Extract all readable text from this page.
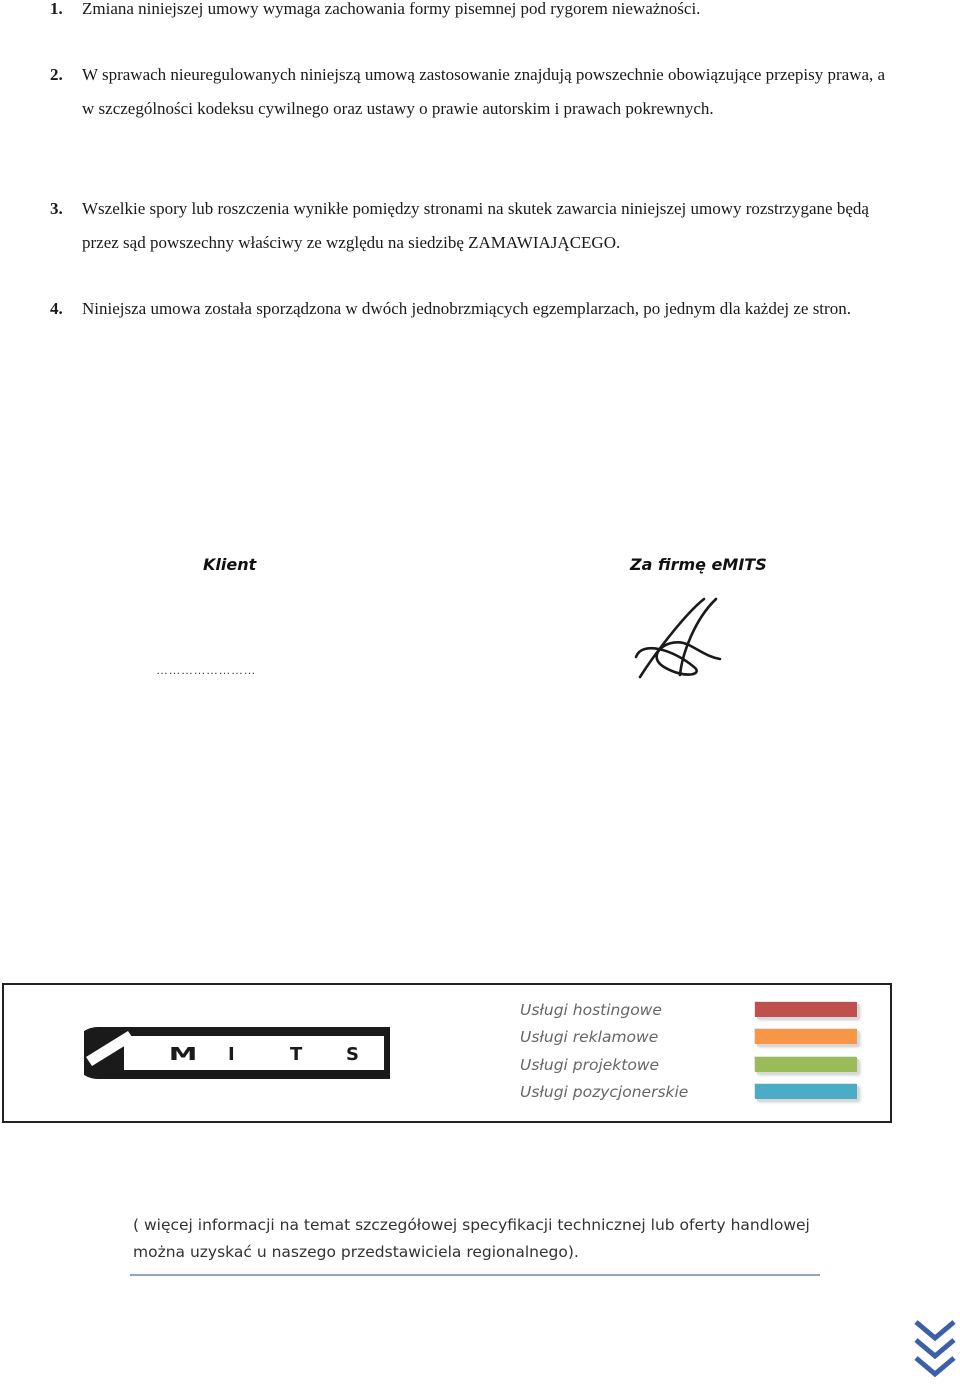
1. Zmiana niniejszej umowy wymaga zachowania formy pisemnej pod rygorem nieważności.
2. W sprawach nieuregulowanych niniejszą umową zastosowanie znajdują powszechnie obowiązujące przepisy prawa, a w szczególności kodeksu cywilnego oraz ustawy o prawie autorskim i prawach pokrewnych.
3. Wszelkie spory lub roszczenia wynikłe pomiędzy stronami na skutek zawarcia niniejszej umowy rozstrzygane będą przez sąd powszechny właściwy ze względu na siedzibę ZAMAWIAJĄCEGO.
4. Niniejsza umowa została sporządzona w dwóch jednobrzmiących egzemplarzach, po jednym dla każdej ze stron.
Klient	Za firmę eMITS
……………………
M I	T S
Usługi hostingowe
Usługi reklamowe
Usługi projektowe
Usługi pozycjonerskie

( więcej informacji na temat szczegółowej specyfikacji technicznej lub oferty handlowej można uzyskać u naszego przedstawiciela regionalnego).
